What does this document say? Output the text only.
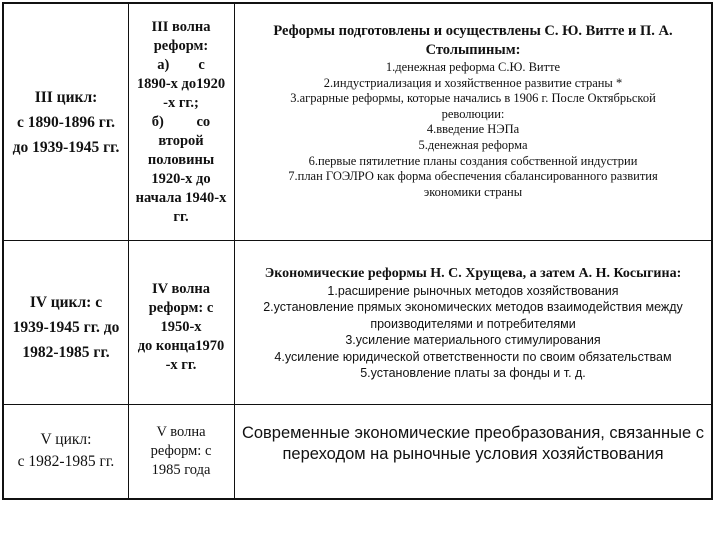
III цикл:
с 1890-1896 гг.
до 1939-1945 гг.
III волна
реформ:
а)        с
1890-х до1920
-х гг.;
б)         со
второй
половины
1920-х до
начала 1940-х
гг.
Реформы подготовлены и осуществлены С. Ю. Витте и П. А.
Столыпиным:
1.денежная реформа С.Ю. Витте
2.индустриализация и хозяйственное развитие страны *
3.аграрные реформы, которые начались в 1906 г. После Октябрьской
революции:
4.введение НЭПа
5.денежная реформа
6.первые пятилетние планы создания собственной индустрии
7.план ГОЭЛРО как форма обеспечения сбалансированного развития
экономики страны
IV цикл: с
1939-1945 гг. до
1982-1985 гг.
IV волна
реформ: с
1950-х
до конца1970
-х гг.
Экономические реформы Н. С. Хрущева, а затем А. Н. Косыгина:
1.расширение рыночных методов хозяйствования
2.установление прямых экономических методов взаимодействия между
производителями и потребителями
3.усиление материального стимулирования
4.усиление юридической ответственности по своим обязательствам
5.установление платы за фонды и т. д.
V цикл:
с 1982-1985 гг.
V волна
реформ: с
1985 года
Современные экономические преобразования, связанные с
переходом на рыночные условия хозяйствования
